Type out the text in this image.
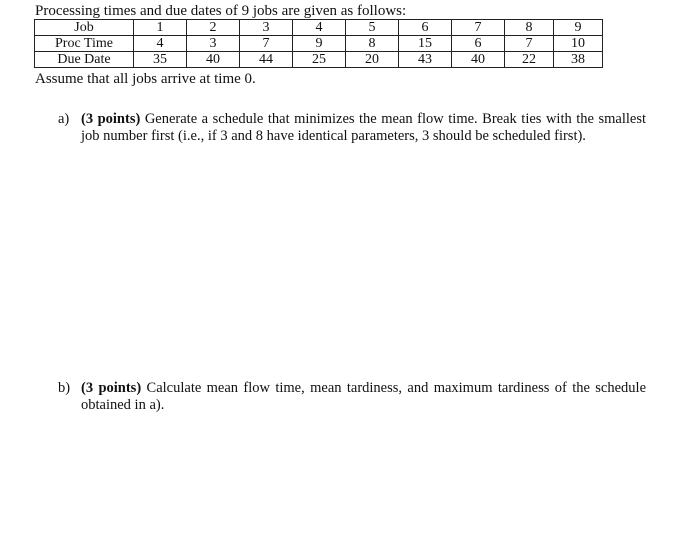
Processing times and due dates of 9 jobs are given as follows:
Job	1	2	3	4	5	6	7	8	9
Proc Time	4	3	7	9	8	15	6	7	10
Due Date	35	40	44	25	20	43	40	22	38
Assume that all jobs arrive at time 0.
a) (3 points) Generate a schedule that minimizes the mean flow time. Break ties with the smallest job number first (i.e., if 3 and 8 have identical parameters, 3 should be scheduled first).
b) (3 points) Calculate mean flow time, mean tardiness, and maximum tardiness of the schedule obtained in a).
